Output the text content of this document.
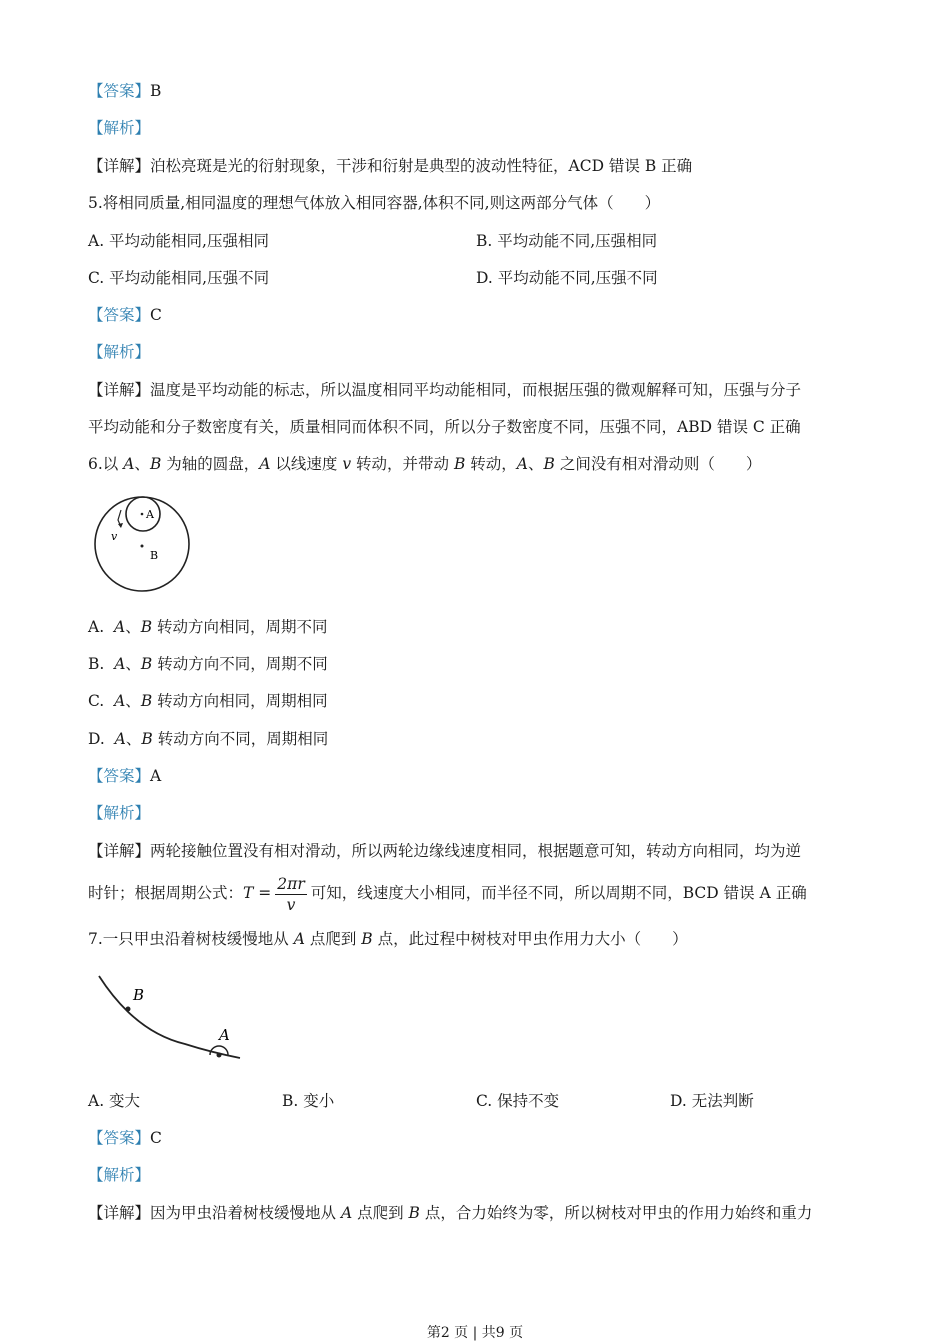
【答案】B
【解析】
【详解】泊松亮斑是光的衍射现象，干涉和衍射是典型的波动性特征，ACD 错误 B 正确
5.将相同质量,相同温度的理想气体放入相同容器,体积不同,则这两部分气体（　　）
A. 平均动能相同,压强相同	B. 平均动能不同,压强相同
C. 平均动能相同,压强不同	D. 平均动能不同,压强不同
【答案】C
【解析】
【详解】温度是平均动能的标志，所以温度相同平均动能相同，而根据压强的微观解释可知，压强与分子
平均动能和分子数密度有关，质量相同而体积不同，所以分子数密度不同，压强不同，ABD 错误 C 正确
6.以 A、B 为轴的圆盘，A 以线速度 v 转动，并带动 B 转动，A、B 之间没有相对滑动则（　　）
A
B
v
A. A、B 转动方向相同，周期不同
B. A、B 转动方向不同，周期不同
C. A、B 转动方向相同，周期相同
D. A、B 转动方向不同，周期相同
【答案】A
【解析】
【详解】两轮接触位置没有相对滑动，所以两轮边缘线速度相同，根据题意可知，转动方向相同，均为逆
时针；根据周期公式：$T = \frac{2\pi r}{v}$ 可知，线速度大小相同，而半径不同，所以周期不同，BCD 错误 A 正确
7.一只甲虫沿着树枝缓慢地从 A 点爬到 B 点，此过程中树枝对甲虫作用力大小（　　）
B
A
A. 变大	B. 变小	C. 保持不变	D. 无法判断
【答案】C
【解析】
【详解】因为甲虫沿着树枝缓慢地从 A 点爬到 B 点，合力始终为零，所以树枝对甲虫的作用力始终和重力
第2 页 | 共9 页
